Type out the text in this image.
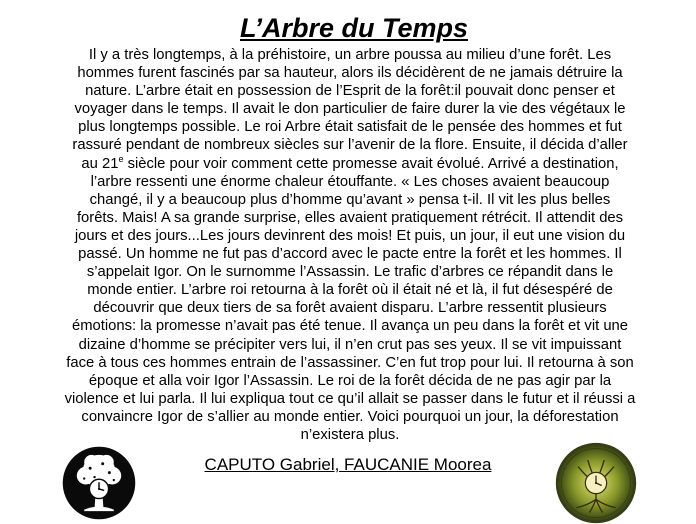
L’Arbre du Temps
Il y a très longtemps, à la préhistoire, un arbre poussa au milieu d’une forêt. Les
hommes furent fascinés par sa hauteur, alors ils décidèrent de ne jamais détruire la
nature. L’arbre était en possession de l’Esprit de la forêt:il pouvait donc penser et
voyager dans le temps. Il avait le don particulier de faire durer la vie des végétaux le
plus longtemps possible. Le roi Arbre était satisfait de le pensée des hommes et fut
rassuré pendant de nombreux siècles sur l’avenir de la flore. Ensuite, il décida d’aller
au 21e siècle pour voir comment cette promesse avait évolué. Arrivé a destination,
l’arbre ressenti une énorme chaleur étouffante. « Les choses avaient beaucoup
changé, il y a beaucoup plus d’homme qu’avant » pensa t-il. Il vit les plus belles
forêts. Mais! A sa grande surprise, elles avaient pratiquement rétrécit. Il attendit des
jours et des jours...Les jours devinrent des mois! Et puis, un jour, il eut une vision du
passé. Un homme ne fut pas d’accord avec le pacte entre la forêt et les hommes. Il
s’appelait Igor. On le surnomme l’Assassin. Le trafic d’arbres ce répandit dans le
monde entier. L’arbre roi retourna à la forêt où il était né et là, il fut désespéré de
découvrir que deux tiers de sa forêt avaient disparu. L’arbre ressentit plusieurs
émotions: la promesse n’avait pas été tenue. Il avança un peu dans la forêt et vit une
dizaine d’homme se précipiter vers lui, il n’en crut pas ses yeux. Il se vit impuissant
face à tous ces hommes entrain de l’assassiner. C’en fut trop pour lui. Il retourna à son
époque et alla voir Igor l’Assassin. Le roi de la forêt décida de ne pas agir par la
violence et lui parla. Il lui expliqua tout ce qu’il allait se passer dans le futur et il réussi a
convaincre Igor de s’allier au monde entier. Voici pourquoi un jour, la déforestation
n’existera plus.

CAPUTO Gabriel, FAUCANIE Moorea
